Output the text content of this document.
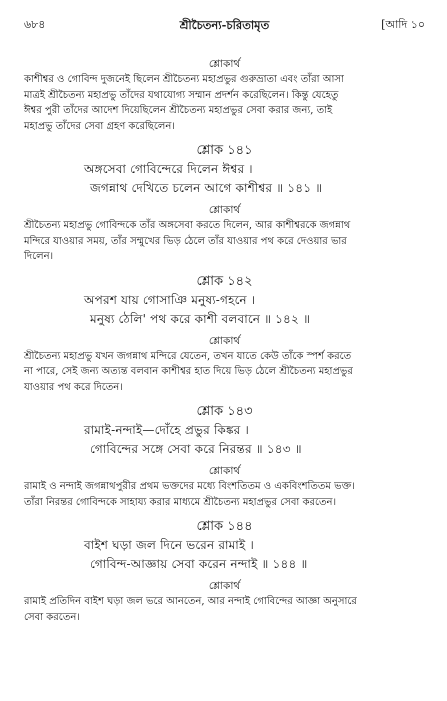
৬৮৪	শ্রীচৈতন্য-চরিতামৃত	[আদি ১০
শ্লোকার্থ

কাশীশ্বর ও গোবিন্দ দুজনেই ছিলেন শ্রীচৈতন্য মহাপ্রভুর গুরুভ্রাতা এবং তাঁরা আসা

মাত্রই শ্রীচৈতন্য মহাপ্রভু তাঁদের যথাযোগ্য সম্মান প্রদর্শন করেছিলেন। কিন্তু যেহেতু

ঈশ্বর পুরী তাঁদের আদেশ দিয়েছিলেন শ্রীচৈতন্য মহাপ্রভুর সেবা করার জন্য, তাই

মহাপ্রভু তাঁদের সেবা গ্রহণ করেছিলেন।

শ্লোক ১৪১
অঙ্গসেবা গোবিন্দেরে দিলেন ঈশ্বর ।
জগন্নাথ দেখিতে চলেন আগে কাশীশ্বর ॥ ১৪১ ॥
শ্লোকার্থ

শ্রীচৈতন্য মহাপ্রভু গোবিন্দকে তাঁর অঙ্গসেবা করতে দিলেন, আর কাশীশ্বরকে জগন্নাথ

মন্দিরে যাওয়ার সময়, তাঁর সম্মুখের ভিড় ঠেলে তাঁর যাওয়ার পথ করে দেওয়ার ভার

দিলেন।

শ্লোক ১৪২
অপরশ যায় গোসাঞি মনুষ্য-গহনে ।
মনুষ্য ঠেলি' পথ করে কাশী বলবানে ॥ ১৪২ ॥
শ্লোকার্থ

শ্রীচৈতন্য মহাপ্রভু যখন জগন্নাথ মন্দিরে যেতেন, তখন যাতে কেউ তাঁকে স্পর্শ করতে

না পারে, সেই জন্য অত্যন্ত বলবান কাশীশ্বর হাত দিয়ে ভিড় ঠেলে শ্রীচৈতন্য মহাপ্রভুর

যাওয়ার পথ করে দিতেন।

শ্লোক ১৪৩
রামাই-নন্দাই—দোঁহে প্রভুর কিঙ্কর ।
গোবিন্দের সঙ্গে সেবা করে নিরন্তর ॥ ১৪৩ ॥
শ্লোকার্থ

রামাই ও নন্দাই জগন্নাথপুরীর প্রথম ভক্তদের মধ্যে বিংশতিতম ও একবিংশতিতম ভক্ত।

তাঁরা নিরন্তর গোবিন্দকে সাহায্য করার মাধ্যমে শ্রীচৈতন্য মহাপ্রভুর সেবা করতেন।

শ্লোক ১৪৪
বাইশ ঘড়া জল দিনে ভরেন রামাই ।
গোবিন্দ-আজ্ঞায় সেবা করেন নন্দাই ॥ ১৪৪ ॥
শ্লোকার্থ

রামাই প্রতিদিন বাইশ ঘড়া জল ভরে আনতেন, আর নন্দাই গোবিন্দের আজ্ঞা অনুসারে

সেবা করতেন।
